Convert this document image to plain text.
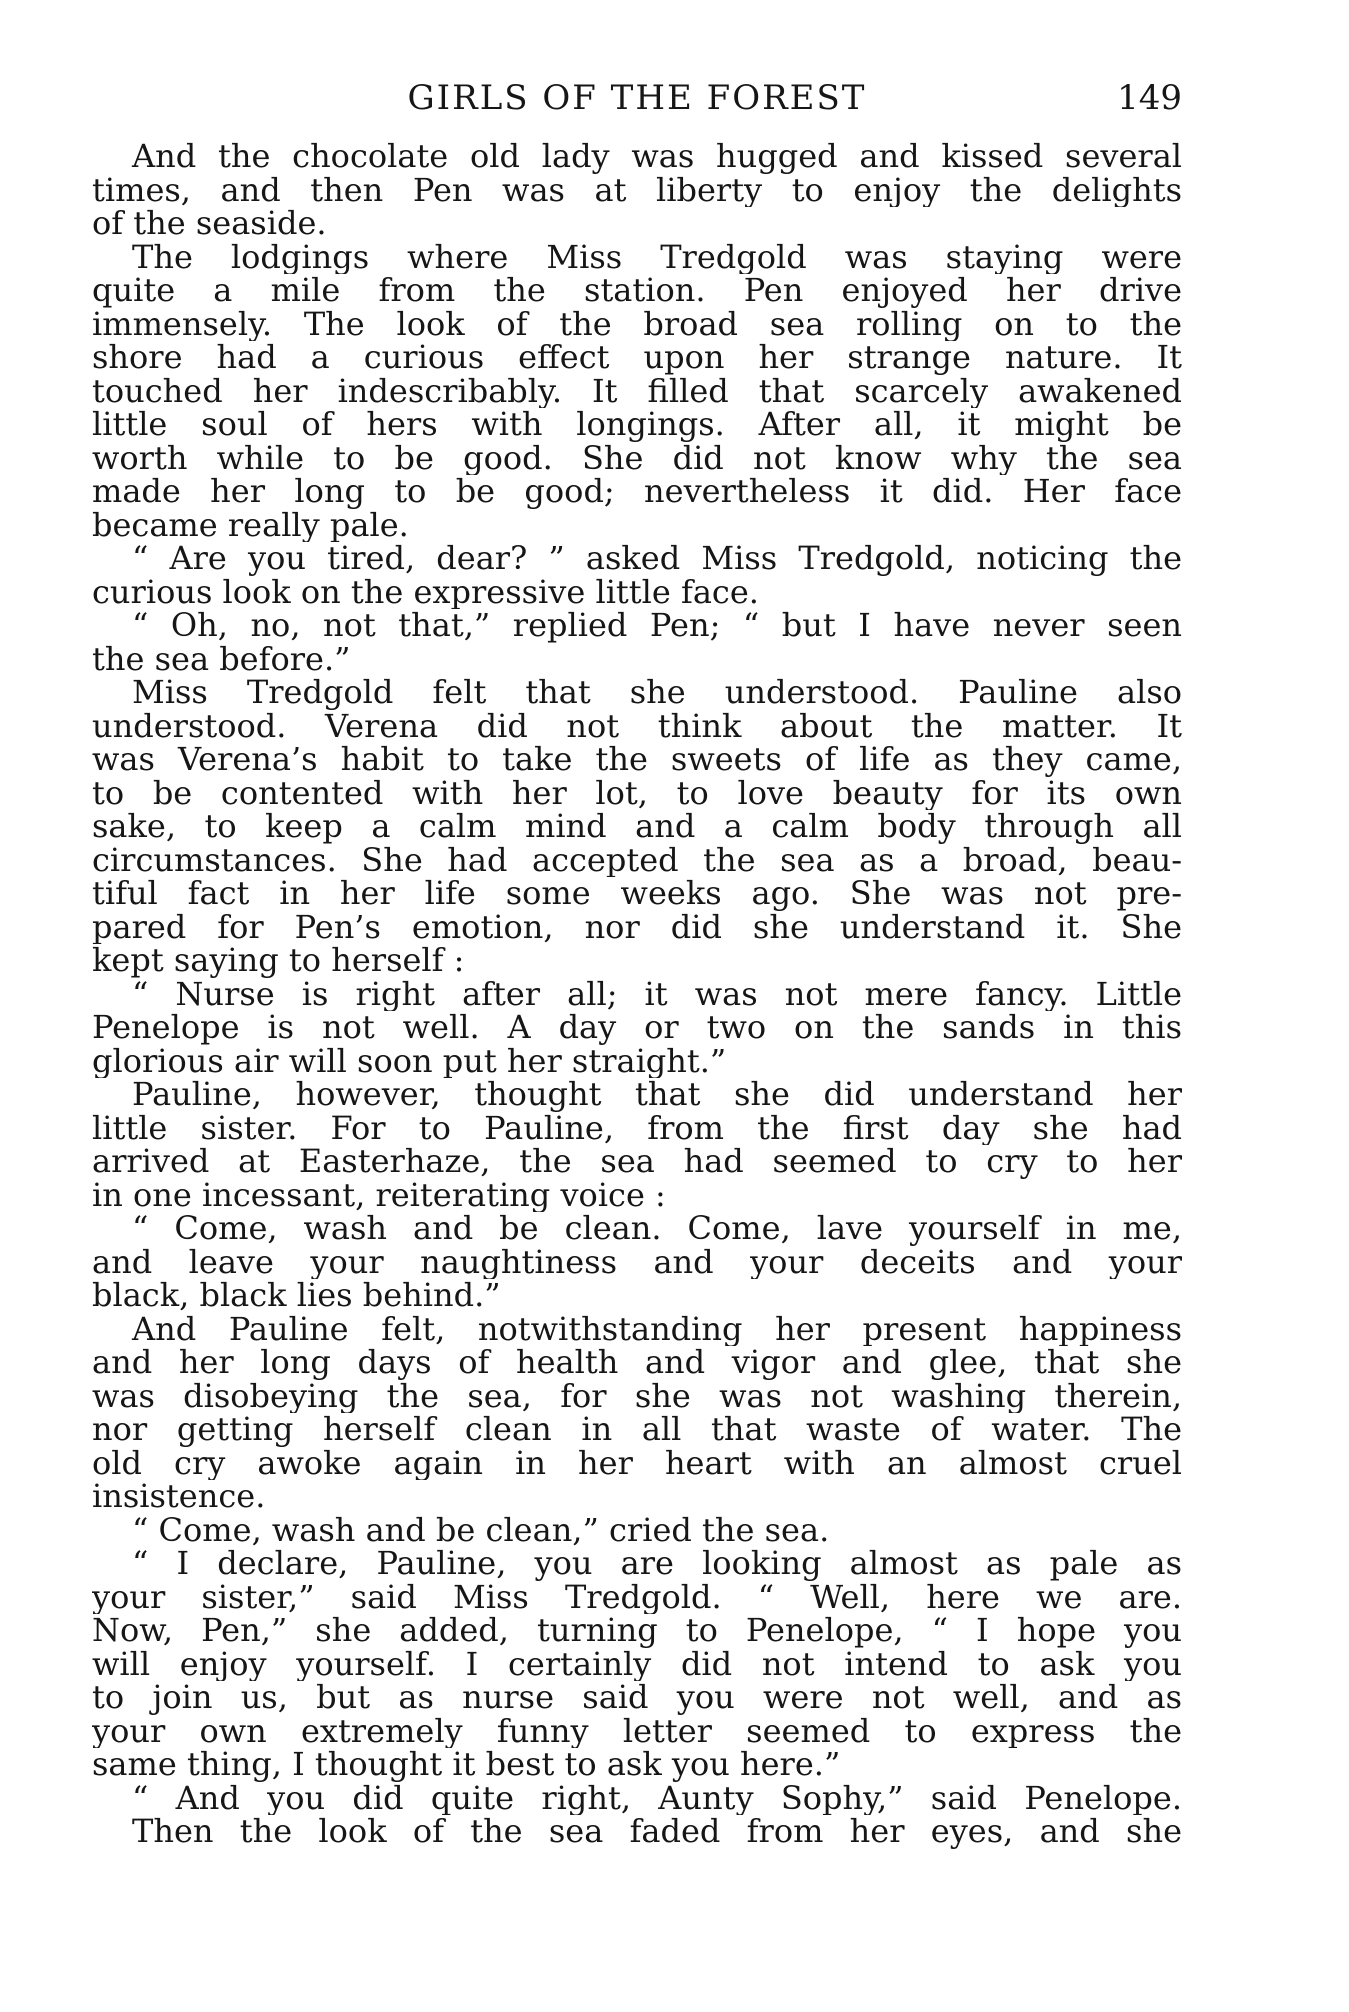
GIRLS OF THE FOREST	149
And the chocolate old lady was hugged and kissed several
times, and then Pen was at liberty to enjoy the delights
of the seaside.
The lodgings where Miss Tredgold was staying were
quite a mile from the station. Pen enjoyed her drive
immensely. The look of the broad sea rolling on to the
shore had a curious effect upon her strange nature. It
touched her indescribably. It filled that scarcely awakened
little soul of hers with longings. After all, it might be
worth while to be good. She did not know why the sea
made her long to be good; nevertheless it did. Her face
became really pale.
“ Are you tired, dear? ” asked Miss Tredgold, noticing the
curious look on the expressive little face.
“ Oh, no, not that,” replied Pen; “ but I have never seen
the sea before.”
Miss Tredgold felt that she understood. Pauline also
understood. Verena did not think about the matter. It
was Verena’s habit to take the sweets of life as they came,
to be contented with her lot, to love beauty for its own
sake, to keep a calm mind and a calm body through all
circumstances. She had accepted the sea as a broad, beau-
tiful fact in her life some weeks ago. She was not pre-
pared for Pen’s emotion, nor did she understand it. She
kept saying to herself :
“ Nurse is right after all; it was not mere fancy. Little
Penelope is not well. A day or two on the sands in this
glorious air will soon put her straight.”
Pauline, however, thought that she did understand her
little sister. For to Pauline, from the first day she had
arrived at Easterhaze, the sea had seemed to cry to her
in one incessant, reiterating voice :
“ Come, wash and be clean. Come, lave yourself in me,
and leave your naughtiness and your deceits and your
black, black lies behind.”
And Pauline felt, notwithstanding her present happiness
and her long days of health and vigor and glee, that she
was disobeying the sea, for she was not washing therein,
nor getting herself clean in all that waste of water. The
old cry awoke again in her heart with an almost cruel
insistence.
“ Come, wash and be clean,” cried the sea.
“ I declare, Pauline, you are looking almost as pale as
your sister,” said Miss Tredgold. “ Well, here we are.
Now, Pen,” she added, turning to Penelope, “ I hope you
will enjoy yourself. I certainly did not intend to ask you
to join us, but as nurse said you were not well, and as
your own extremely funny letter seemed to express the
same thing, I thought it best to ask you here.”
“ And you did quite right, Aunty Sophy,” said Penelope.
Then the look of the sea faded from her eyes, and she
